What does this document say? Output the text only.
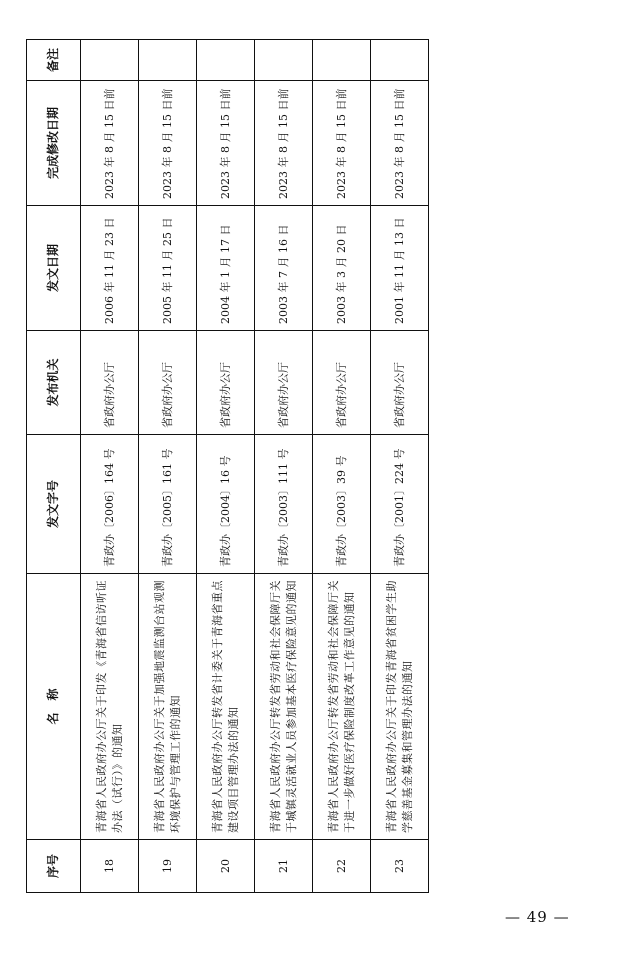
序号	名　称	发文字号	发布机关	发文日期	完成修改日期	备注
18	青海省人民政府办公厅关于印发《青海省信访听证办法（试行）》的通知	青政办〔2006〕164 号	省政府办公厅	2006 年 11 月 23 日	2023 年 8 月 15 日前	
19	青海省人民政府办公厅关于加强地震监测台站观测环境保护与管理工作的通知	青政办〔2005〕161 号	省政府办公厅	2005 年 11 月 25 日	2023 年 8 月 15 日前	
20	青海省人民政府办公厅转发省计委关于青海省重点建设项目管理办法的通知	青政办〔2004〕16 号	省政府办公厅	2004 年 1 月 17 日	2023 年 8 月 15 日前	
21	青海省人民政府办公厅转发省劳动和社会保障厅关于城镇灵活就业人员参加基本医疗保险意见的通知	青政办〔2003〕111 号	省政府办公厅	2003 年 7 月 16 日	2023 年 8 月 15 日前	
22	青海省人民政府办公厅转发省劳动和社会保障厅关于进一步做好医疗保险制度改革工作意见的通知	青政办〔2003〕39 号	省政府办公厅	2003 年 3 月 20 日	2023 年 8 月 15 日前	
23	青海省人民政府办公厅关于印发青海省贫困学生助学慈善基金募集和管理办法的通知	青政办〔2001〕224 号	省政府办公厅	2001 年 11 月 13 日	2023 年 8 月 15 日前	
— 49 —
